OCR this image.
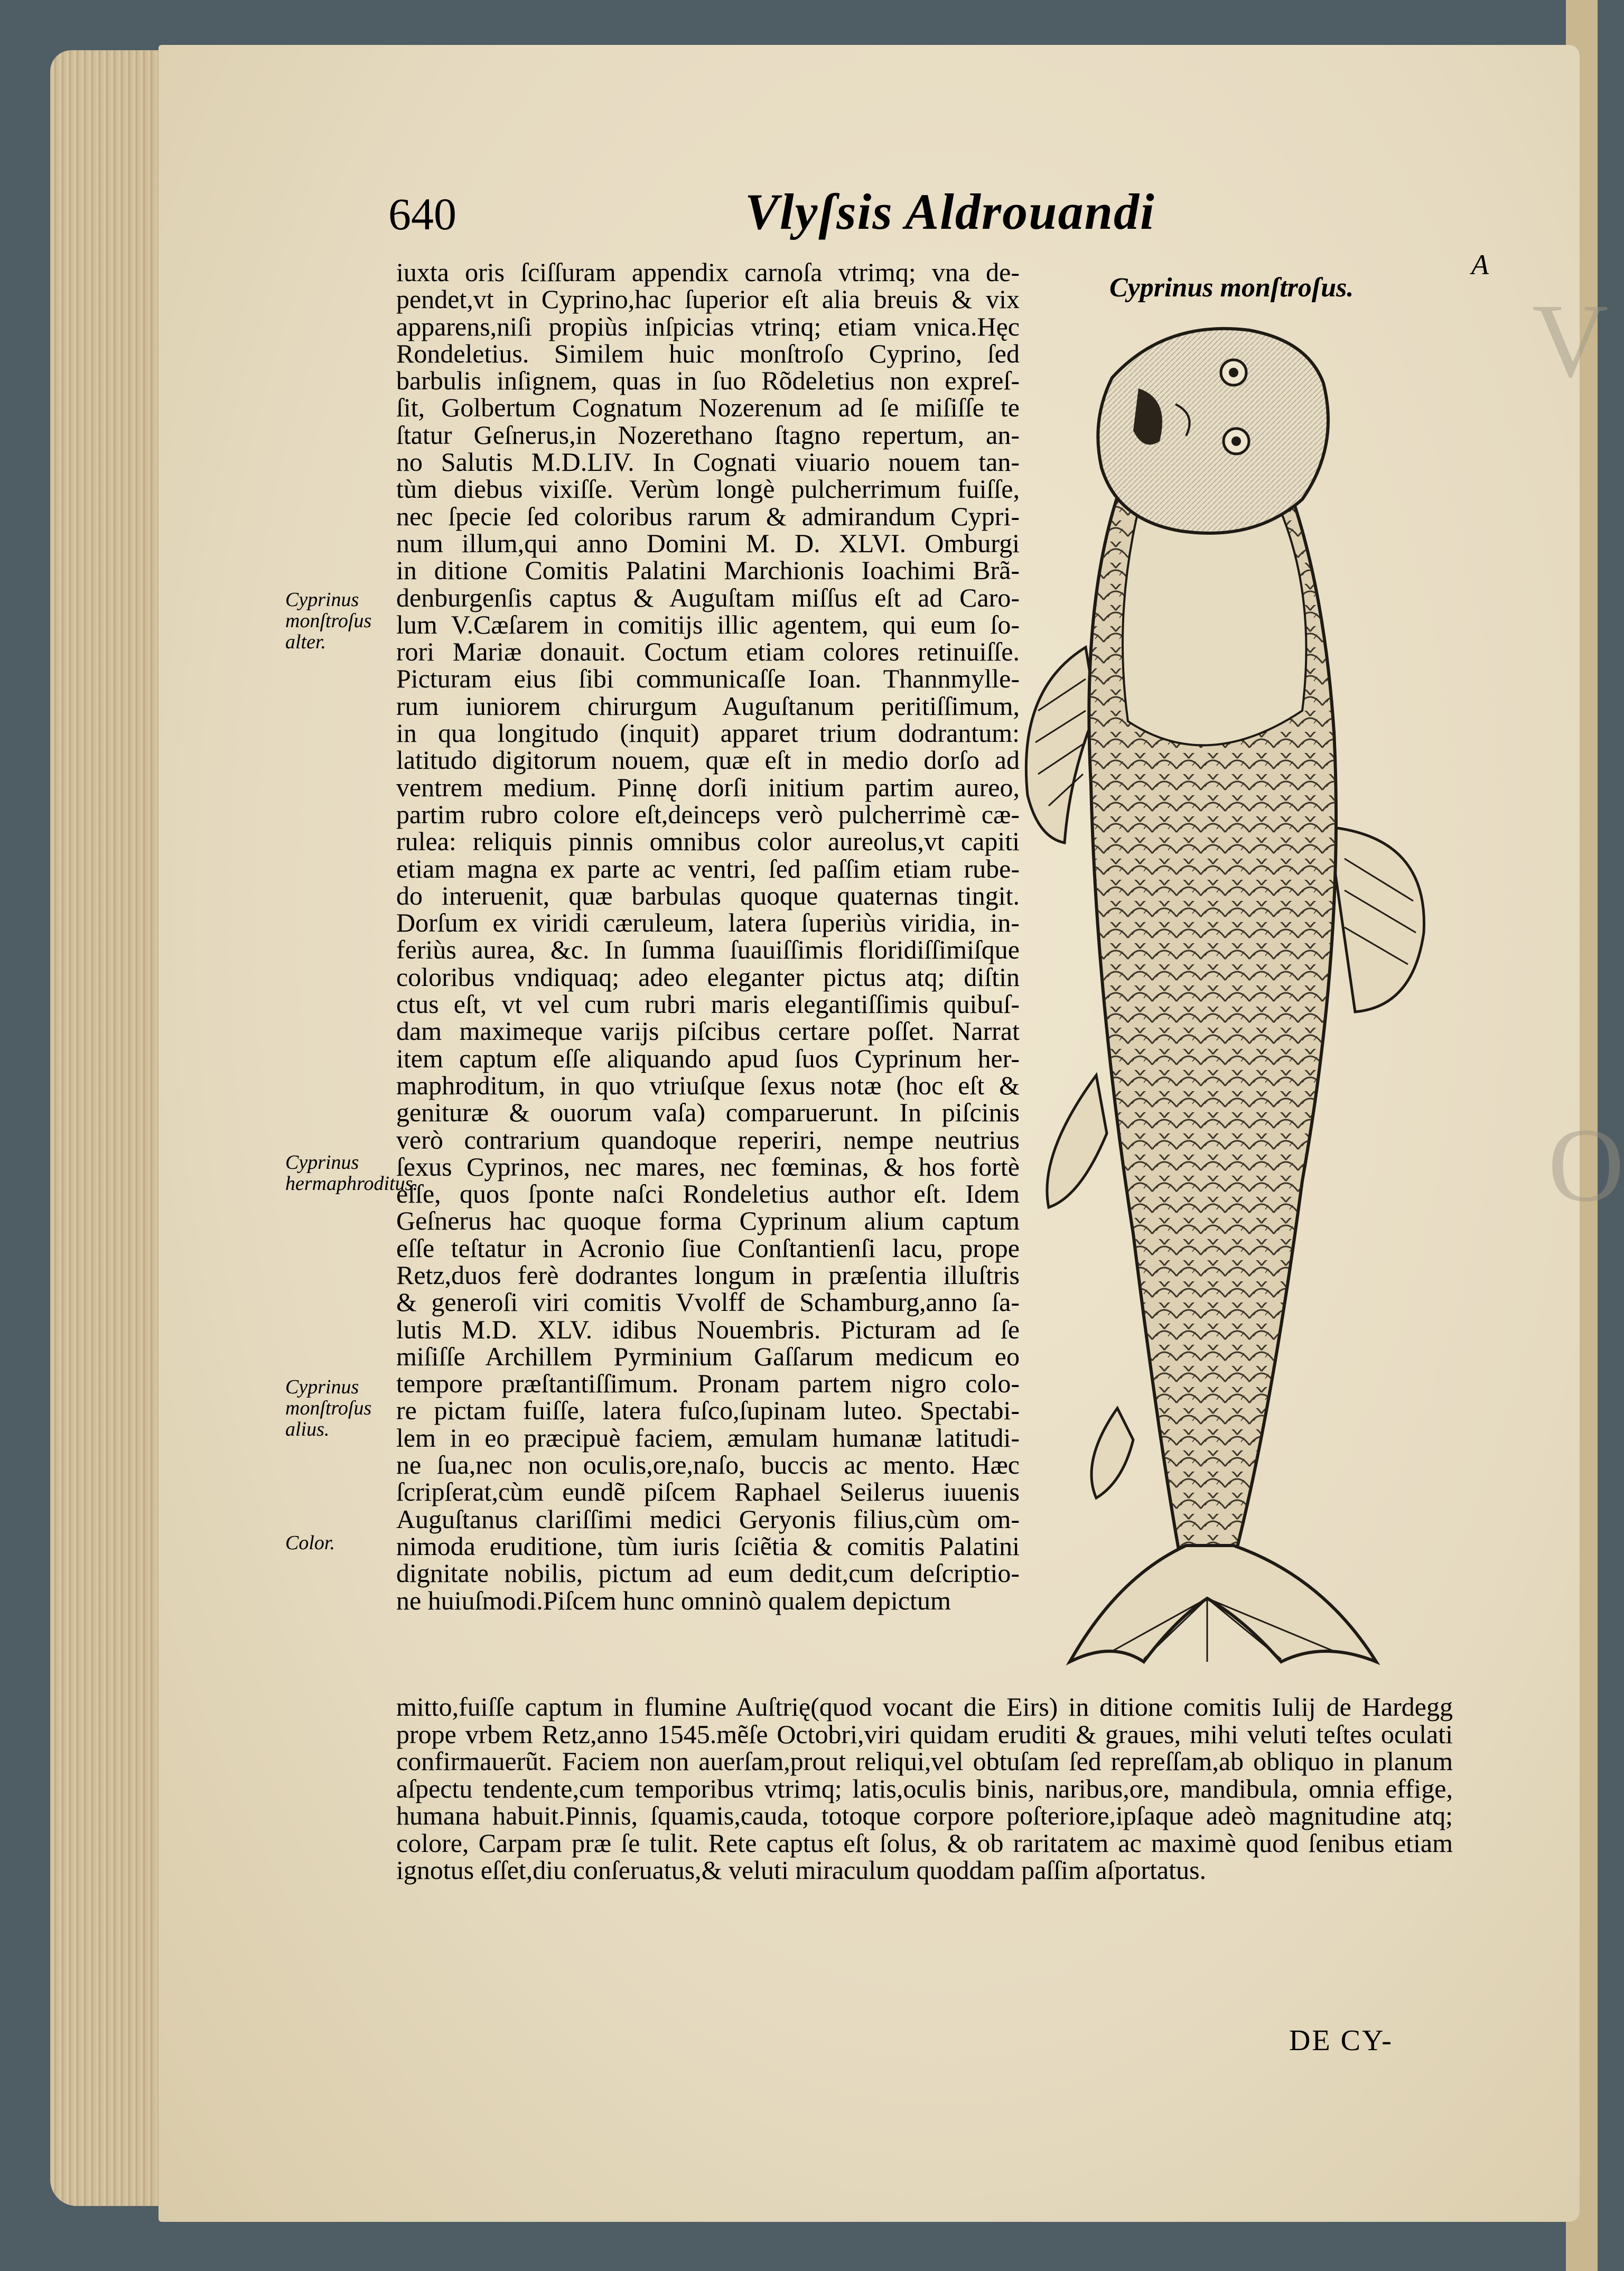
V
O
640	Vlyſsis Aldrouandi
A
Cyprinus monſtroſus.
Cyprinus monſtroſus alter.
Cyprinus hermaphroditus.
Cyprinus monſtroſus alius.
Color.
iuxta oris ſciſſuram appendix carnoſa vtrimq; vna de-
pendet,vt in Cyprino,hac ſuperior eſt alia breuis & vix
apparens,niſi propiùs inſpicias vtrinq; etiam vnica.Hęc
Rondeletius. Similem huic monſtroſo Cyprino, ſed
barbulis inſignem, quas in ſuo Rõdeletius non expreſ-
ſit, Golbertum Cognatum Nozerenum ad ſe miſiſſe te
ſtatur Geſnerus,in Nozerethano ſtagno repertum, an-
no Salutis M.D.LIV. In Cognati viuario nouem tan-
tùm diebus vixiſſe. Verùm longè pulcherrimum fuiſſe,
nec ſpecie ſed coloribus rarum & admirandum Cypri-
num illum,qui anno Domini M. D. XLVI. Omburgi
in ditione Comitis Palatini Marchionis Ioachimi Brã-
denburgenſis captus & Auguſtam miſſus eſt ad Caro-
lum V.Cæſarem in comitijs illic agentem, qui eum ſo-
rori Mariæ donauit. Coctum etiam colores retinuiſſe.
Picturam eius ſibi communicaſſe Ioan. Thannmylle-
rum iuniorem chirurgum Auguſtanum peritiſſimum,
in qua longitudo (inquit) apparet trium dodrantum:
latitudo digitorum nouem, quæ eſt in medio dorſo ad
ventrem medium. Pinnę dorſi initium partim aureo,
partim rubro colore eſt,deinceps verò pulcherrimè cæ-
rulea: reliquis pinnis omnibus color aureolus,vt capiti
etiam magna ex parte ac ventri, ſed paſſim etiam rube-
do interuenit, quæ barbulas quoque quaternas tingit.
Dorſum ex viridi cæruleum, latera ſuperiùs viridia, in-
feriùs aurea, &c. In ſumma ſuauiſſimis floridiſſimiſque
coloribus vndiquaq; adeo eleganter pictus atq; diſtin
ctus eſt, vt vel cum rubri maris elegantiſſimis quibuſ-
dam maximeque varijs piſcibus certare poſſet. Narrat
item captum eſſe aliquando apud ſuos Cyprinum her-
maphroditum, in quo vtriuſque ſexus notæ (hoc eſt &
genituræ & ouorum vaſa) comparuerunt. In piſcinis
verò contrarium quandoque reperiri, nempe neutrius
ſexus Cyprinos, nec mares, nec fœminas, & hos fortè
eſſe, quos ſponte naſci Rondeletius author eſt. Idem
Geſnerus hac quoque forma Cyprinum alium captum
eſſe teſtatur in Acronio ſiue Conſtantienſi lacu, prope
Retz,duos ferè dodrantes longum in præſentia illuſtris
& generoſi viri comitis Vvolff de Schamburg,anno ſa-
lutis M.D. XLV. idibus Nouembris. Picturam ad ſe
miſiſſe Archillem Pyrminium Gaſſarum medicum eo
tempore præſtantiſſimum. Pronam partem nigro colo-
re pictam fuiſſe, latera fuſco,ſupinam luteo. Spectabi-
lem in eo præcipuè faciem, æmulam humanæ latitudi-
ne ſua,nec non oculis,ore,naſo, buccis ac mento. Hæc
ſcripſerat,cùm eundẽ piſcem Raphael Seilerus iuuenis
Auguſtanus clariſſimi medici Geryonis filius,cùm om-
nimoda eruditione, tùm iuris ſciẽtia & comitis Palatini
dignitate nobilis, pictum ad eum dedit,cum deſcriptio-
ne huiuſmodi.Piſcem hunc omninò qualem depictum
mitto,fuiſſe captum in flumine Auſtrię(quod vocant die Eirs) in ditione comitis Iulij de Hardegg
prope vrbem Retz,anno 1545.mẽſe Octobri,viri quidam eruditi & graues, mihi veluti teſtes oculati
confirmauerũt. Faciem non auerſam,prout reliqui,vel obtuſam ſed repreſſam,ab obliquo in planum
aſpectu tendente,cum temporibus vtrimq; latis,oculis binis, naribus,ore, mandibula, omnia effige,
humana habuit.Pinnis, ſquamis,cauda, totoque corpore poſteriore,ipſaque adeò magnitudine atq;
colore, Carpam præ ſe tulit. Rete captus eſt ſolus, & ob raritatem ac maximè quod ſenibus etiam
ignotus eſſet,diu conſeruatus,& veluti miraculum quoddam paſſim aſportatus.
DE CY-
